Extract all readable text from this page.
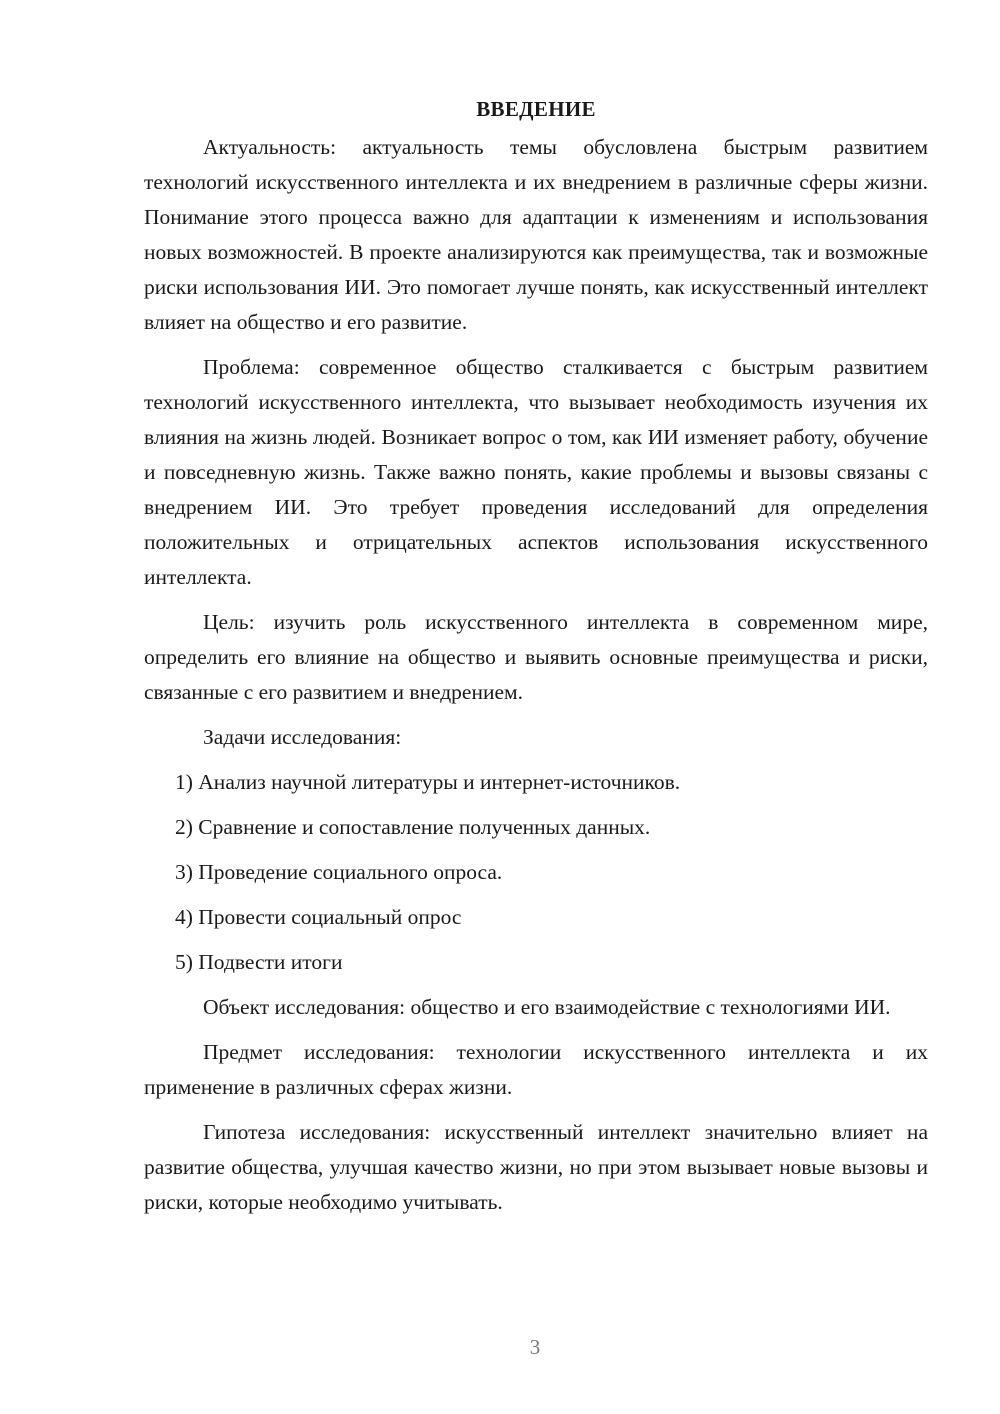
ВВЕДЕНИЕ

Актуальность: актуальность темы обусловлена быстрым развитием технологий искусственного интеллекта и их внедрением в различные сферы жизни. Понимание этого процесса важно для адаптации к изменениям и использования новых возможностей. В проекте анализируются как преимущества, так и возможные риски использования ИИ. Это помогает лучше понять, как искусственный интеллект влияет на общество и его развитие.

Проблема: современное общество сталкивается с быстрым развитием технологий искусственного интеллекта, что вызывает необходимость изучения их влияния на жизнь людей. Возникает вопрос о том, как ИИ изменяет работу, обучение и повседневную жизнь. Также важно понять, какие проблемы и вызовы связаны с внедрением ИИ. Это требует проведения исследований для определения положительных и отрицательных аспектов использования искусственного интеллекта.

Цель: изучить роль искусственного интеллекта в современном мире, определить его влияние на общество и выявить основные преимущества и риски, связанные с его развитием и внедрением.

Задачи исследования:

1) Анализ научной литературы и интернет-источников.
2) Сравнение и сопоставление полученных данных.
3) Проведение социального опроса.
4) Провести социальный опрос
5) Подвести итоги

Объект исследования: общество и его взаимодействие с технологиями ИИ.

Предмет исследования: технологии искусственного интеллекта и их применение в различных сферах жизни.

Гипотеза исследования: искусственный интеллект значительно влияет на развитие общества, улучшая качество жизни, но при этом вызывает новые вызовы и риски, которые необходимо учитывать.

3
